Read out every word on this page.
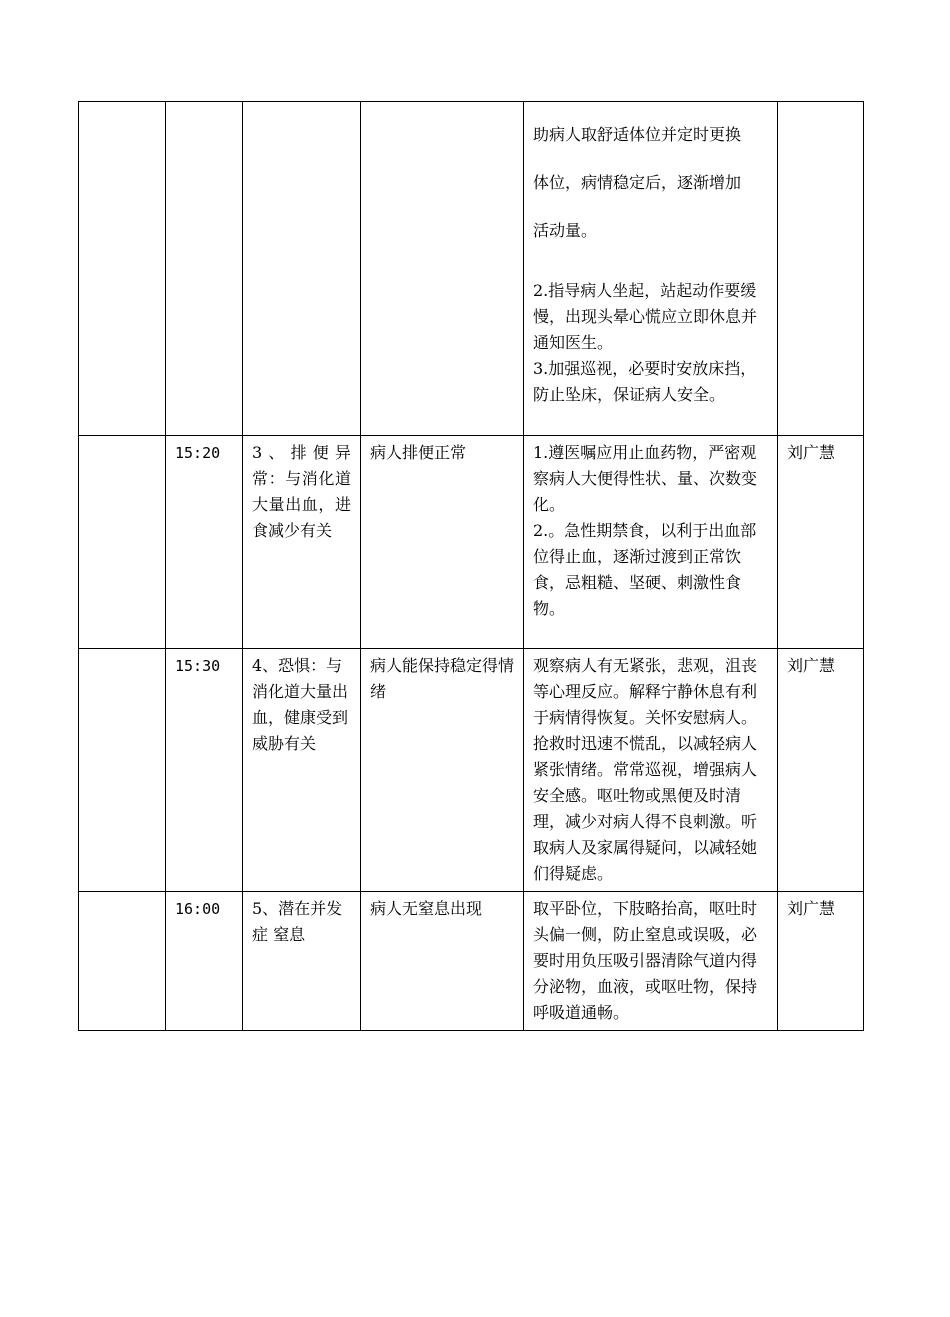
				助病人取舒适体位并定时更换
体位，病情稳定后，逐渐增加
活动量。
2.指导病人坐起，站起动作要缓慢，出现头晕心慌应立即休息并通知医生。
3.加强巡视，必要时安放床挡，防止坠床，保证病人安全。	

	15:20	3、排便异常：与消化道大量出血，进食减少有关	病人排便正常	1.遵医嘱应用止血药物，严密观察病人大便得性状、量、次数变化。
2.。急性期禁食，以利于出血部位得止血，逐渐过渡到正常饮食，忌粗糙、坚硬、刺激性食物。	刘广慧
	15:30	4、恐惧：与消化道大量出血，健康受到威胁有关	病人能保持稳定得情绪	观察病人有无紧张，悲观，沮丧等心理反应。解释宁静休息有利于病情得恢复。关怀安慰病人。抢救时迅速不慌乱，以减轻病人紧张情绪。常常巡视，增强病人安全感。呕吐物或黑便及时清理，减少对病人得不良刺激。听取病人及家属得疑问，以减轻她们得疑虑。	刘广慧
	16:00	5、潜在并发症 窒息	病人无窒息出现	取平卧位，下肢略抬高，呕吐时头偏一侧，防止窒息或误吸，必要时用负压吸引器清除气道内得分泌物，血液，或呕吐物，保持呼吸道通畅。	刘广慧
